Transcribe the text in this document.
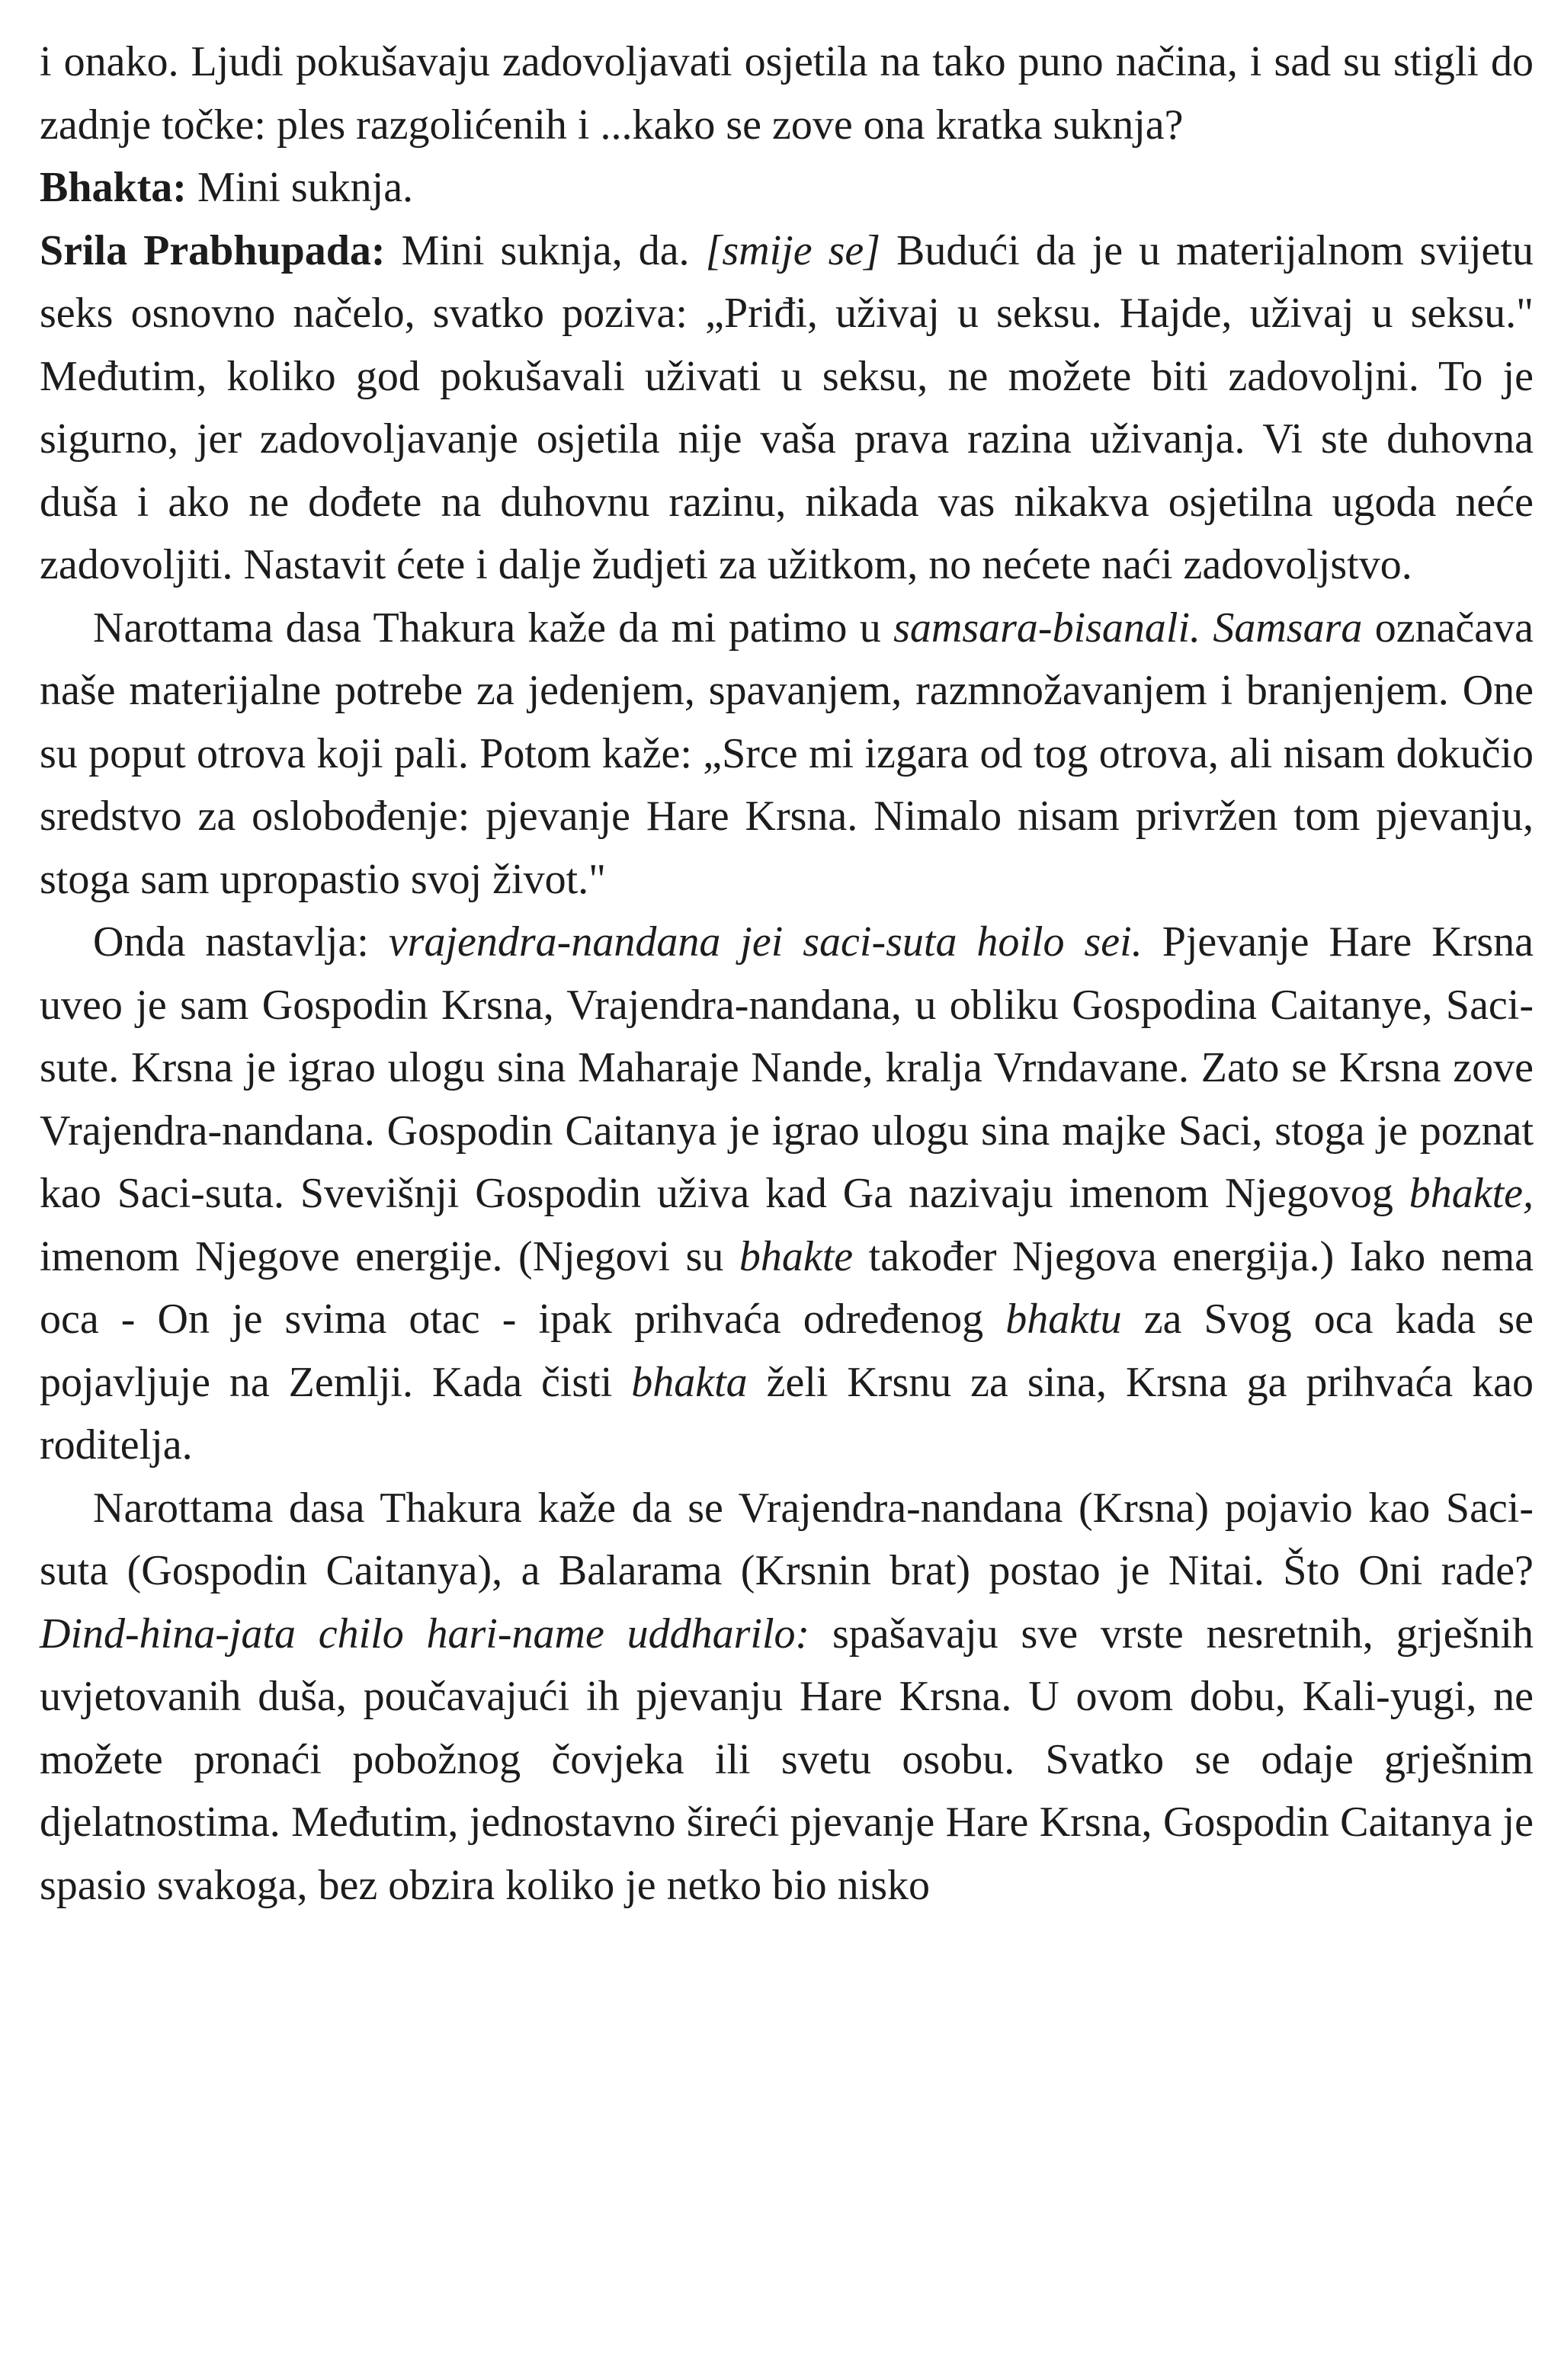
i onako. Ljudi pokušavaju zadovoljavati osjetila na tako puno načina, i sad su stigli do zadnje točke: ples razgolićenih i ...kako se zove ona kratka suknja?

Bhakta: Mini suknja.

Srila Prabhupada: Mini suknja, da. [smije se] Budući da je u materijalnom svijetu seks osnovno načelo, svatko poziva: „Priđi, uživaj u seksu. Hajde, uživaj u seksu." Međutim, koliko god pokušavali uživati u seksu, ne možete biti zadovoljni. To je sigurno, jer zadovoljavanje osjetila nije vaša prava razina uživanja. Vi ste duhovna duša i ako ne dođete na duhovnu razinu, nikada vas nikakva osjetilna ugoda neće zadovoljiti. Nastavit ćete i dalje žudjeti za užitkom, no nećete naći zadovoljstvo.

Narottama dasa Thakura kaže da mi patimo u samsara-bisanali. Samsara označava naše materijalne potrebe za jedenjem, spavanjem, razmnožavanjem i branjenjem. One su poput otrova koji pali. Potom kaže: „Srce mi izgara od tog otrova, ali nisam dokučio sredstvo za oslobođenje: pjevanje Hare Krsna. Nimalo nisam privržen tom pjevanju, stoga sam upropastio svoj život."

Onda nastavlja: vrajendra-nandana jei saci-suta hoilo sei. Pjevanje Hare Krsna uveo je sam Gospodin Krsna, Vrajendra-nandana, u obliku Gospodina Caitanye, Saci-sute. Krsna je igrao ulogu sina Maharaje Nande, kralja Vrndavane. Zato se Krsna zove Vrajendra-nandana. Gospodin Caitanya je igrao ulogu sina majke Saci, stoga je poznat kao Saci-suta. Svevišnji Gospodin uživa kad Ga nazivaju imenom Njegovog bhakte, imenom Njegove energije. (Njegovi su bhakte također Njegova energija.) Iako nema oca - On je svima otac - ipak prihvaća određenog bhaktu za Svog oca kada se pojavljuje na Zemlji. Kada čisti bhakta želi Krsnu za sina, Krsna ga prihvaća kao roditelja.

Narottama dasa Thakura kaže da se Vrajendra-nandana (Krsna) pojavio kao Saci-suta (Gospodin Caitanya), a Balarama (Krsnin brat) postao je Nitai. Što Oni rade? Dind-hina-jata chilo hari-name uddharilo: spašavaju sve vrste nesretnih, grješnih uvjetovanih duša, poučavajući ih pjevanju Hare Krsna. U ovom dobu, Kali-yugi, ne možete pronaći pobožnog čovjeka ili svetu osobu. Svatko se odaje grješnim djelatnostima. Međutim, jednostavno šireći pjevanje Hare Krsna, Gospodin Caitanya je spasio svakoga, bez obzira koliko je netko bio nisko
